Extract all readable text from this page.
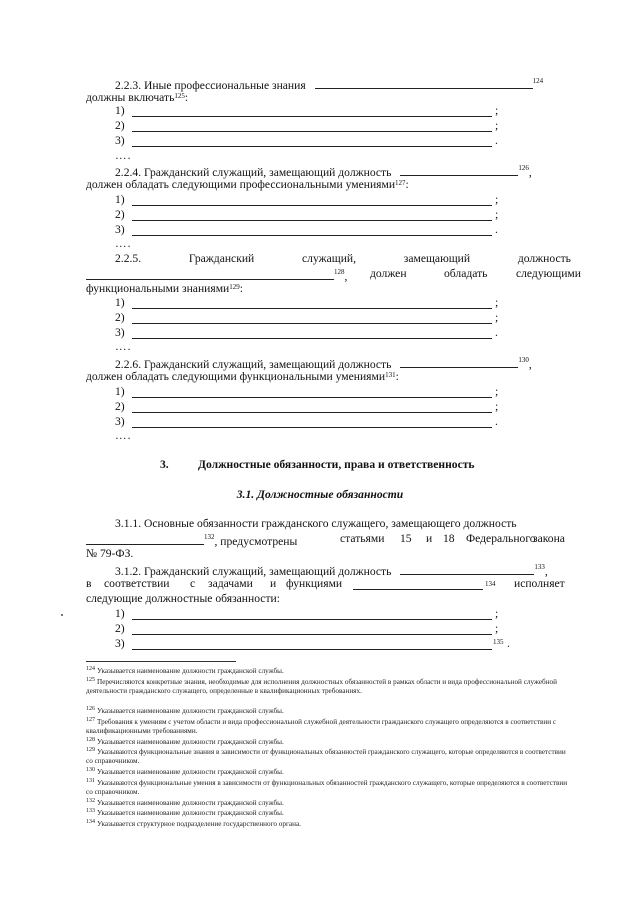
2.2.3. Иные профессиональные знания	$^{124}$
должны включать$^{125}$:
1)	;
2)	;
3)	.
….
2.2.4. Гражданский служащий, замещающий должность	$^{126}$,
должен обладать следующими профессиональными умениями$^{127}$:
1)	;
2)	;
3)	.
….
2.2.5.	Гражданский	служащий,	замещающий	должность
$^{128}$, должен	обладать следующими
функциональными знаниями$^{129}$:
1)	;
2)	;
3)	.
….
2.2.6. Гражданский служащий, замещающий должность	$^{130}$,
должен обладать следующими функциональными умениями$^{131}$:
1)	;
2)	;
3)	.
….
3.	Должностные обязанности, права и ответственность
3.1. Должностные обязанности
3.1.1. Основные обязанности гражданского служащего, замещающего должность
$^{132}$, предусмотрены	статьями 15 и 18 Федерального
закона
№ 79-ФЗ.
3.1.2. Гражданский служащий, замещающий должность	$^{133}$,
в соответствии с задачами и функциями	134 исполняет
следующие должностные обязанности:
1)	;
2)	;
3)	135 .
$^{124}$ Указывается наименование должности гражданской службы.
$^{125}$ Перечисляются конкретные знания, необходимые для исполнения должностных обязанностей в рамках области и вида профессиональной служебной деятельности гражданского служащего, определенные в квалификационных требованиях.
$^{126}$ Указывается наименование должности гражданской службы.
$^{127}$ Требования к умениям с учетом области и вида профессиональной служебной деятельности гражданского служащего определяются в соответствии с квалификационными требованиями.
$^{128}$ Указывается наименование должности гражданской службы.
$^{129}$ Указываются функциональные знания в зависимости от функциональных обязанностей гражданского служащего, которые определяются в соответствии со справочником.
$^{130}$ Указывается наименование должности гражданской службы.
$^{131}$ Указываются функциональные умения в зависимости от функциональных обязанностей гражданского служащего, которые определяются в соответствии со справочником.
$^{132}$ Указывается наименование должности гражданской службы.
$^{133}$ Указывается наименование должности гражданской службы.
$^{134}$ Указывается структурное подразделение государственного органа.
